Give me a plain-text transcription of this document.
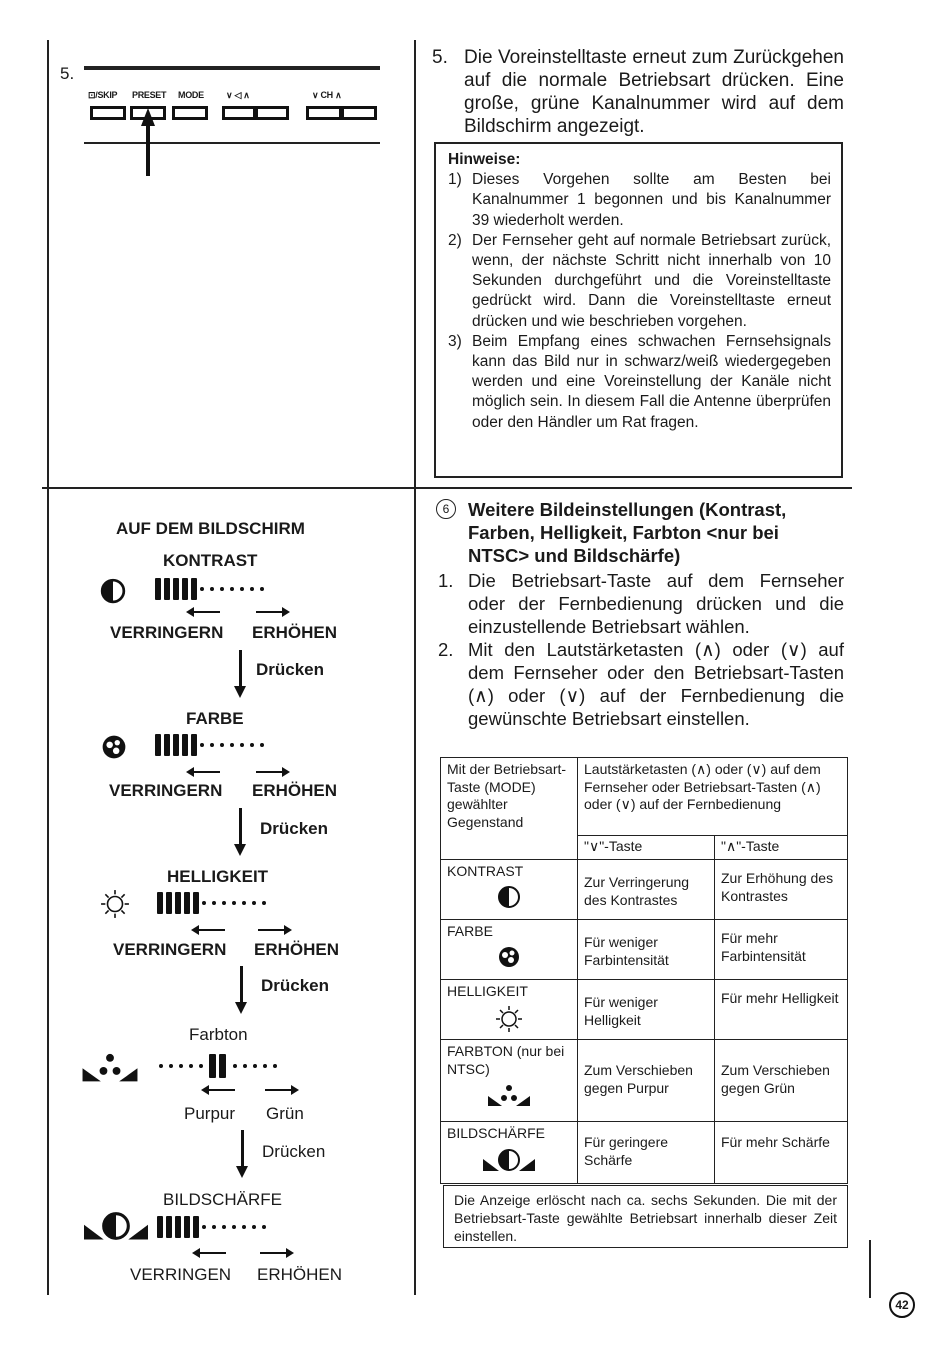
5.
⊡/SKIP PRESET MODE ∨ ◁ ∧	∨ CH ∧
5. Die Voreinstelltaste erneut zum Zurückgehen auf die normale Betriebsart drücken. Eine große, grüne Kanalnummer wird auf dem Bildschirm angezeigt.
Hinweise:
1) Dieses Vorgehen sollte am Besten bei Kanalnummer 1 begonnen und bis Kanalnummer 39 wiederholt werden.
2) Der Fernseher geht auf normale Betriebsart zurück, wenn, der nächste Schritt nicht innerhalb von 10 Sekunden durchgeführt und die Voreinstelltaste gedrückt wird. Dann die Voreinstelltaste erneut drücken und wie beschrieben vorgehen.
3) Beim Empfang eines schwachen Fernsehsignals kann das Bild nur in schwarz/weiß wiedergegeben werden und eine Voreinstellung der Kanäle nicht möglich sein. In diesem Fall die Antenne überprüfen oder den Händler um Rat fragen.
6	Weitere Bildeinstellungen (Kontrast, Farben, Helligkeit, Farbton <nur bei NTSC> und Bildschärfe)
1. Die Betriebsart-Taste auf dem Fernseher oder der Fernbedienung drücken und die einzustellende Betriebsart wählen.
2. Mit den Lautstärketasten (∧) oder (∨) auf dem Fernseher oder den Betriebsart-Tasten (∧) oder (∨) auf der Fernbedienung die gewünschte Betriebsart einstellen.
Mit der Betriebsart-Taste (MODE) gewählter Gegenstand	Lautstärketasten (∧) oder (∨) auf dem Fernseher oder Betriebsart-Tasten (∧) oder (∨) auf der Fernbedienung	
	"∨"-Taste	"∧"-Taste
KONTRAST	Zur Verringerung des Kontrastes	Zur Erhöhung des Kontrastes
FARBE	Für weniger Farbintensität	Für mehr Farbintensität
HELLIGKEIT	Für weniger Helligkeit	Für mehr Helligkeit
FARBTON (nur bei NTSC)	Zum Verschieben gegen Purpur	Zum Verschieben gegen Grün
BILDSCHÄRFE	Für geringere Schärfe	Für mehr Schärfe
Die Anzeige erlöscht nach ca. sechs Sekunden. Die mit der Betriebsart-Taste gewählte Betriebsart innerhalb dieser Zeit einstellen.
AUF DEM BILDSCHIRM
KONTRAST
VERRINGERN ERHÖHEN
Drücken
FARBE
VERRINGERN ERHÖHEN
Drücken
HELLIGKEIT
VERRINGERN ERHÖHEN
Drücken
Farbton
Purpur Grün
Drücken
BILDSCHÄRFE
VERRINGEN ERHÖHEN
42
